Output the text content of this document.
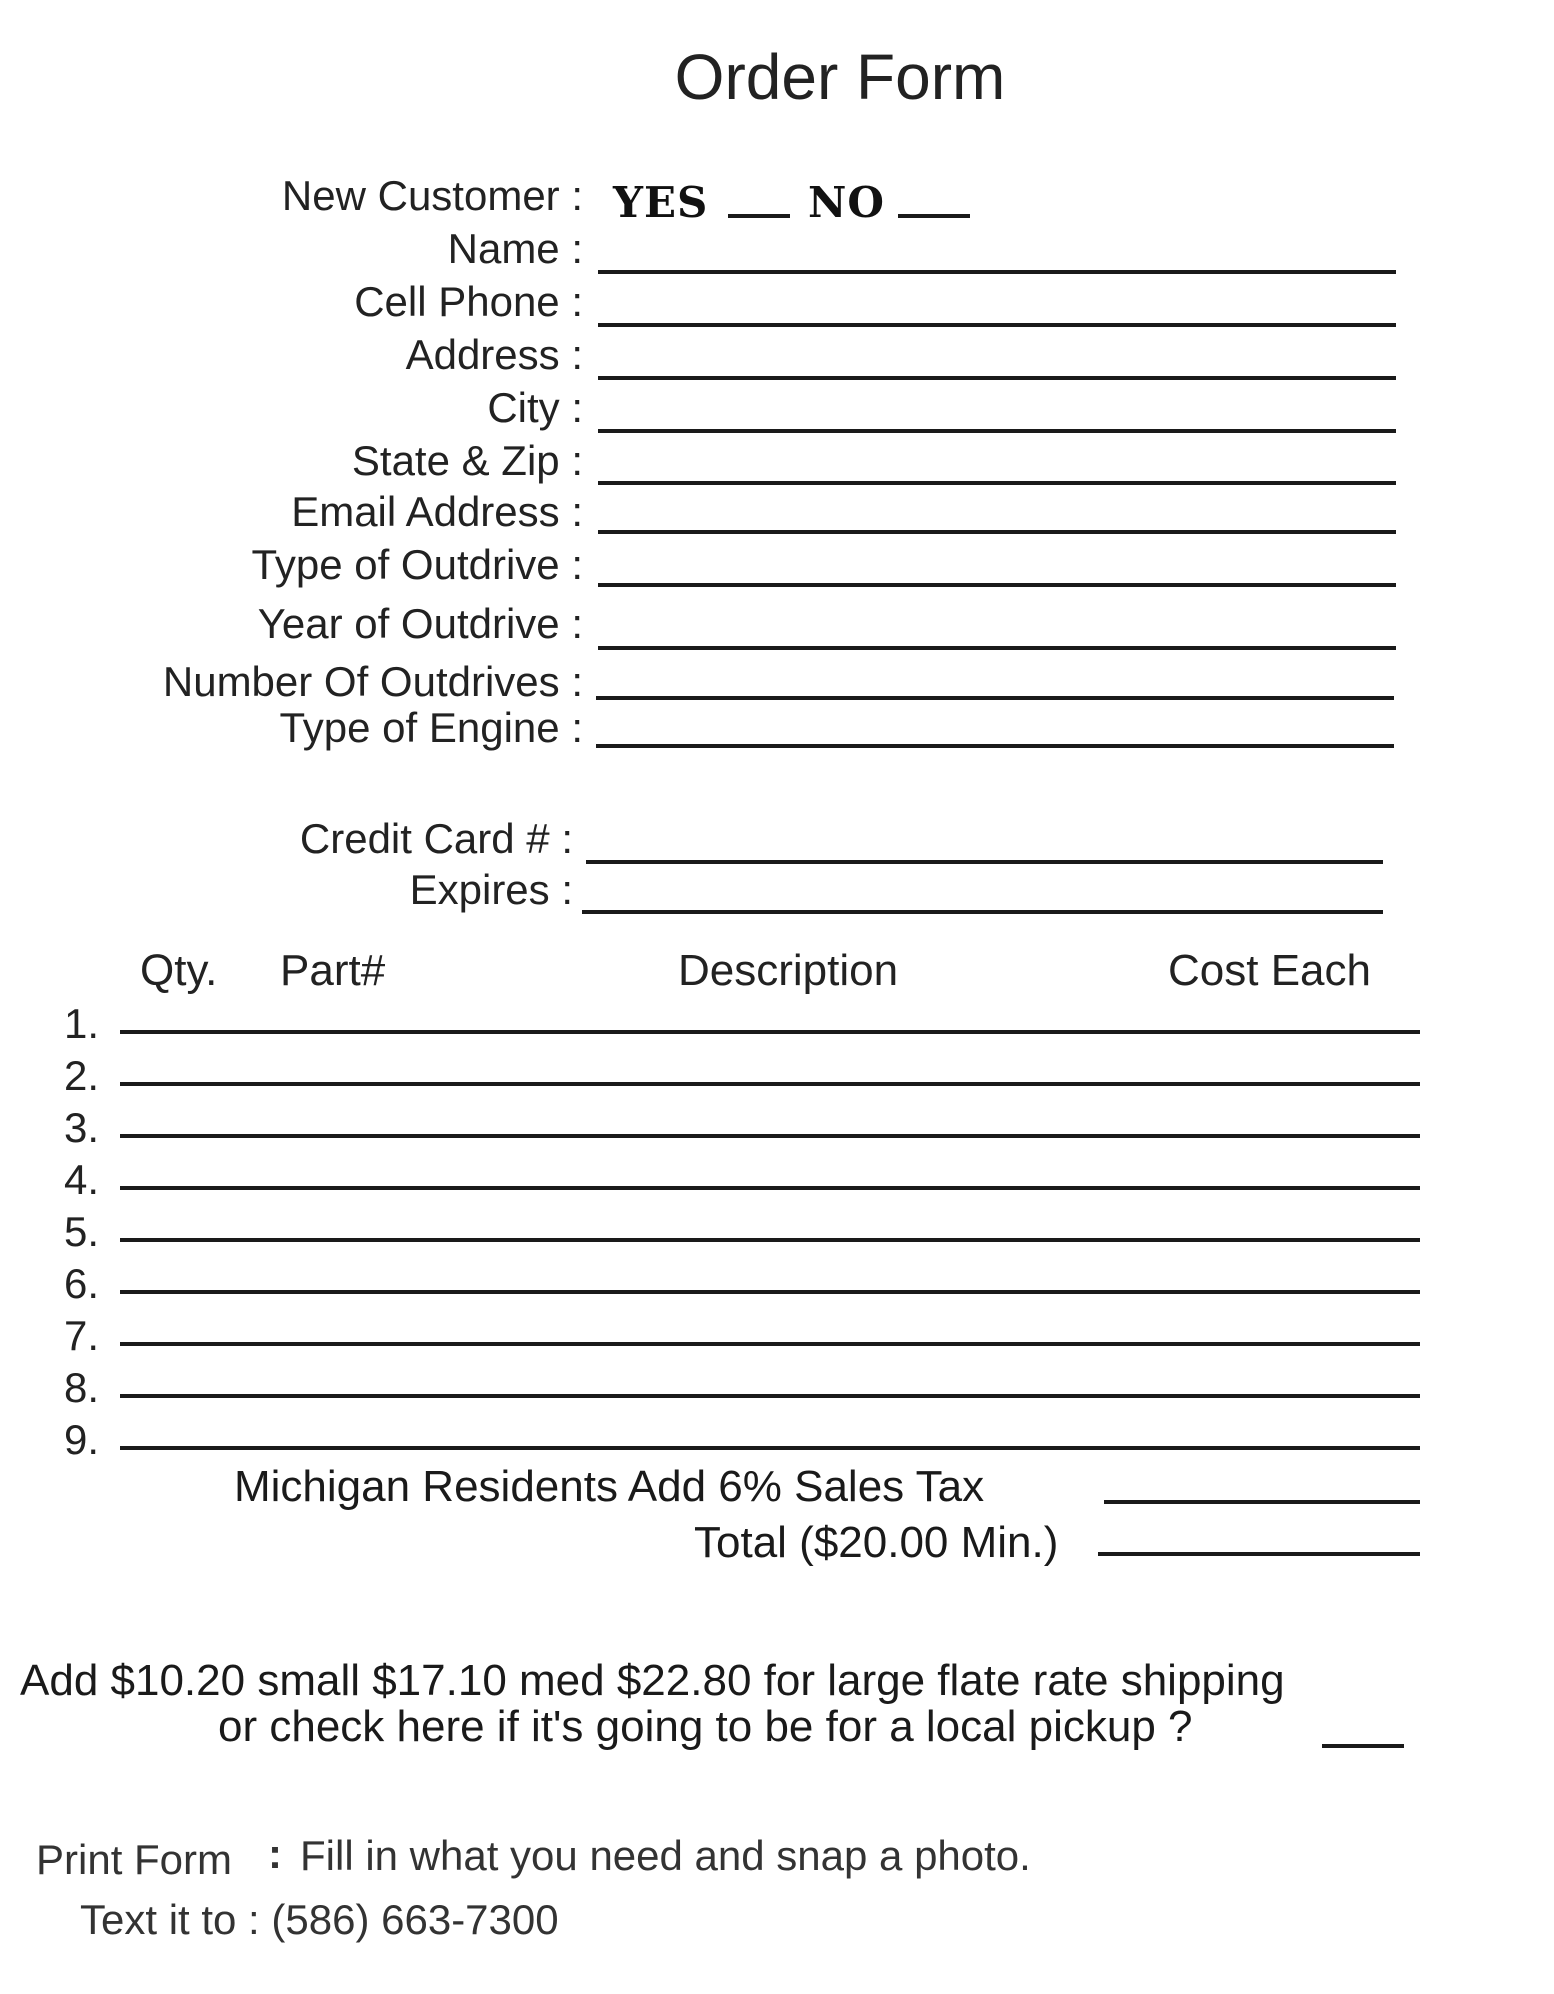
Order Form
New Customer :
Name :
Cell Phone :
Address :
City :
State & Zip :
Email Address :
Type of Outdrive :
Year of Outdrive :
Number Of Outdrives :
Type of Engine :
YES NO
Credit Card # :
Expires :
Qty. Part#	Description	Cost Each
1.
2.
3.
4.
5.
6.
7.
8.
9.
Michigan Residents Add 6% Sales Tax
Total ($20.00 Min.)
Add $10.20 small $17.10 med $22.80 for large flate rate shipping
or check here if it's going to be for a local pickup ?
Print Form : Fill in what you need and snap a photo.
Text it to : (586) 663-7300
